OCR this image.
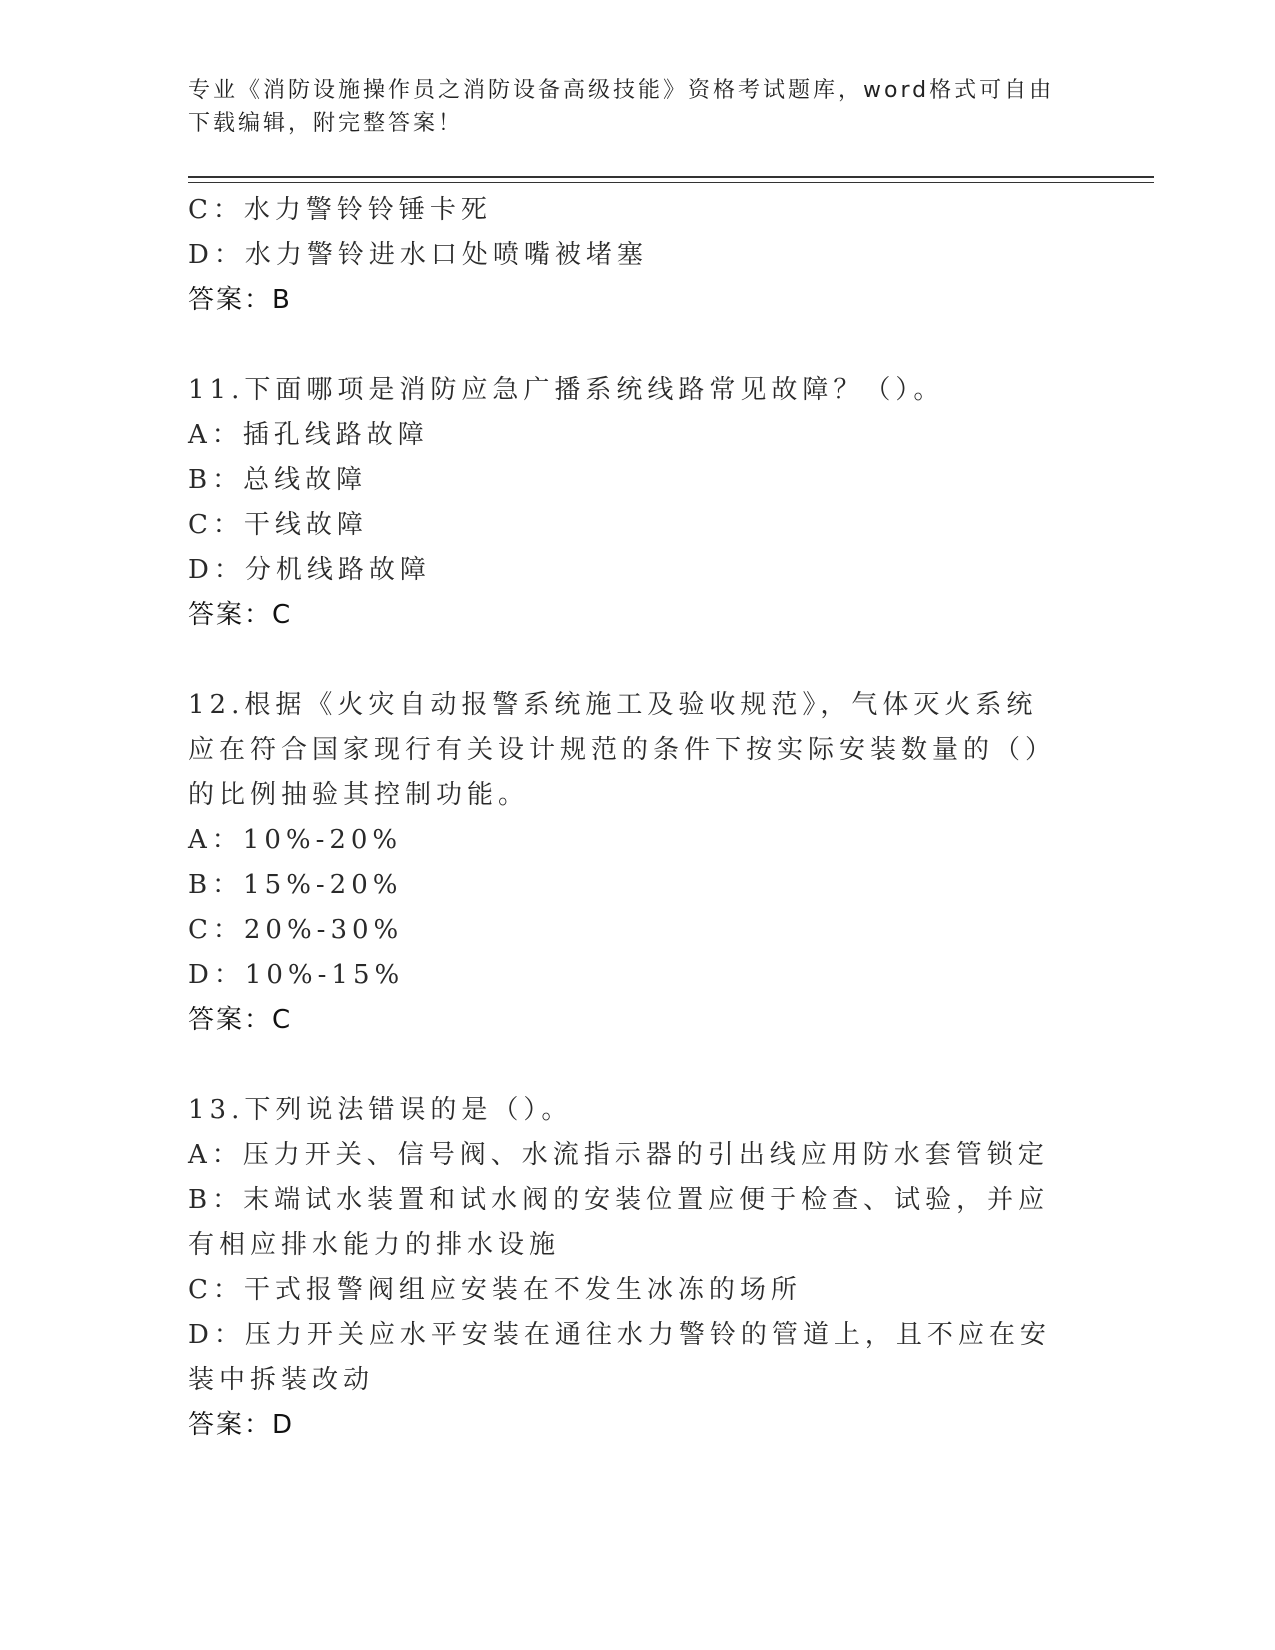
专业《消防设施操作员之消防设备高级技能》资格考试题库，word格式可自由下载编辑，附完整答案！
C：水力警铃铃锤卡死
D：水力警铃进水口处喷嘴被堵塞
答案：B
11.下面哪项是消防应急广播系统线路常见故障？（）。
A：插孔线路故障
B：总线故障
C：干线故障
D：分机线路故障
答案：C
12.根据《火灾自动报警系统施工及验收规范》，气体灭火系统应在符合国家现行有关设计规范的条件下按实际安装数量的（）的比例抽验其控制功能。
A：10%-20%
B：15%-20%
C：20%-30%
D：10%-15%
答案：C
13.下列说法错误的是（）。
A：压力开关、信号阀、水流指示器的引出线应用防水套管锁定
B：末端试水装置和试水阀的安装位置应便于检查、试验，并应有相应排水能力的排水设施
C：干式报警阀组应安装在不发生冰冻的场所
D：压力开关应水平安装在通往水力警铃的管道上，且不应在安装中拆装改动
答案：D
